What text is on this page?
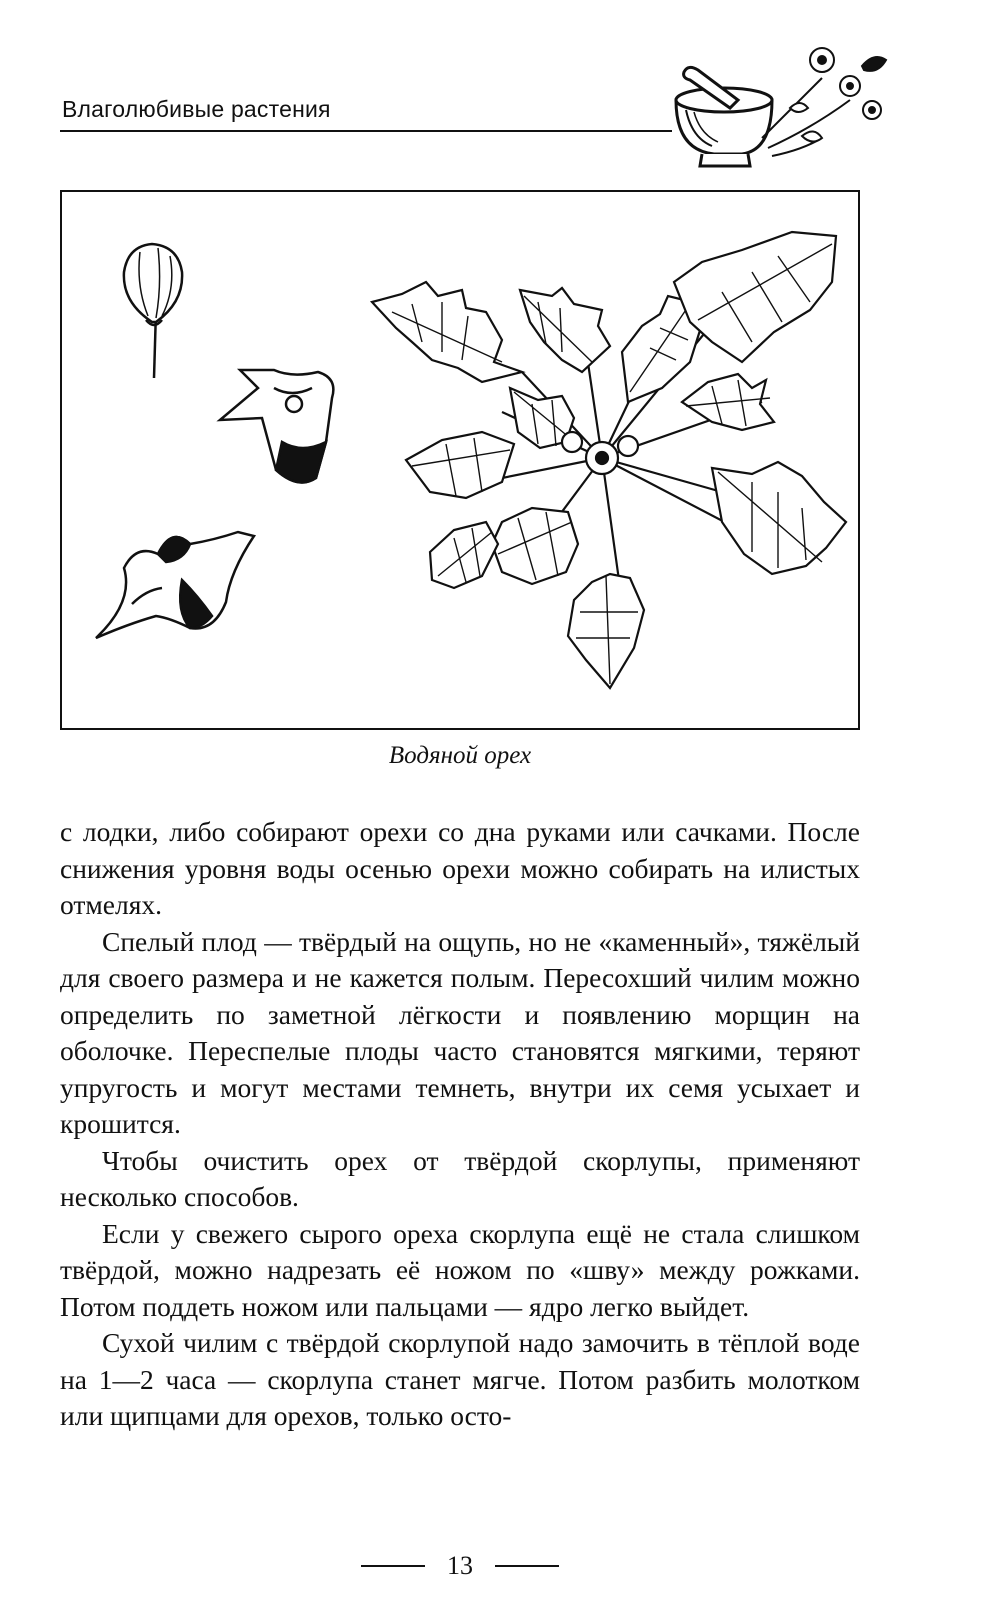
Влаголюбивые растения
Водяной орех

с лодки, либо собирают орехи со дна руками или сачками. После снижения уровня воды осенью орехи можно собирать на илистых отмелях.

Спелый плод — твёрдый на ощупь, но не «каменный», тяжёлый для своего размера и не кажется полым. Пересохший чилим можно определить по заметной лёгкости и появлению морщин на оболочке. Переспелые плоды часто становятся мягкими, теряют упругость и могут местами темнеть, внутри их семя усыхает и крошится.

Чтобы очистить орех от твёрдой скорлупы, применяют несколько способов.

Если у свежего сырого ореха скорлупа ещё не стала слишком твёрдой, можно надрезать её ножом по «шву» между рожками. Потом поддеть ножом или пальцами — ядро легко выйдет.

Сухой чилим с твёрдой скорлупой надо замочить в тёплой воде на 1—2 часа — скорлупа станет мягче. Потом разбить молотком или щипцами для орехов, только осто-

13
